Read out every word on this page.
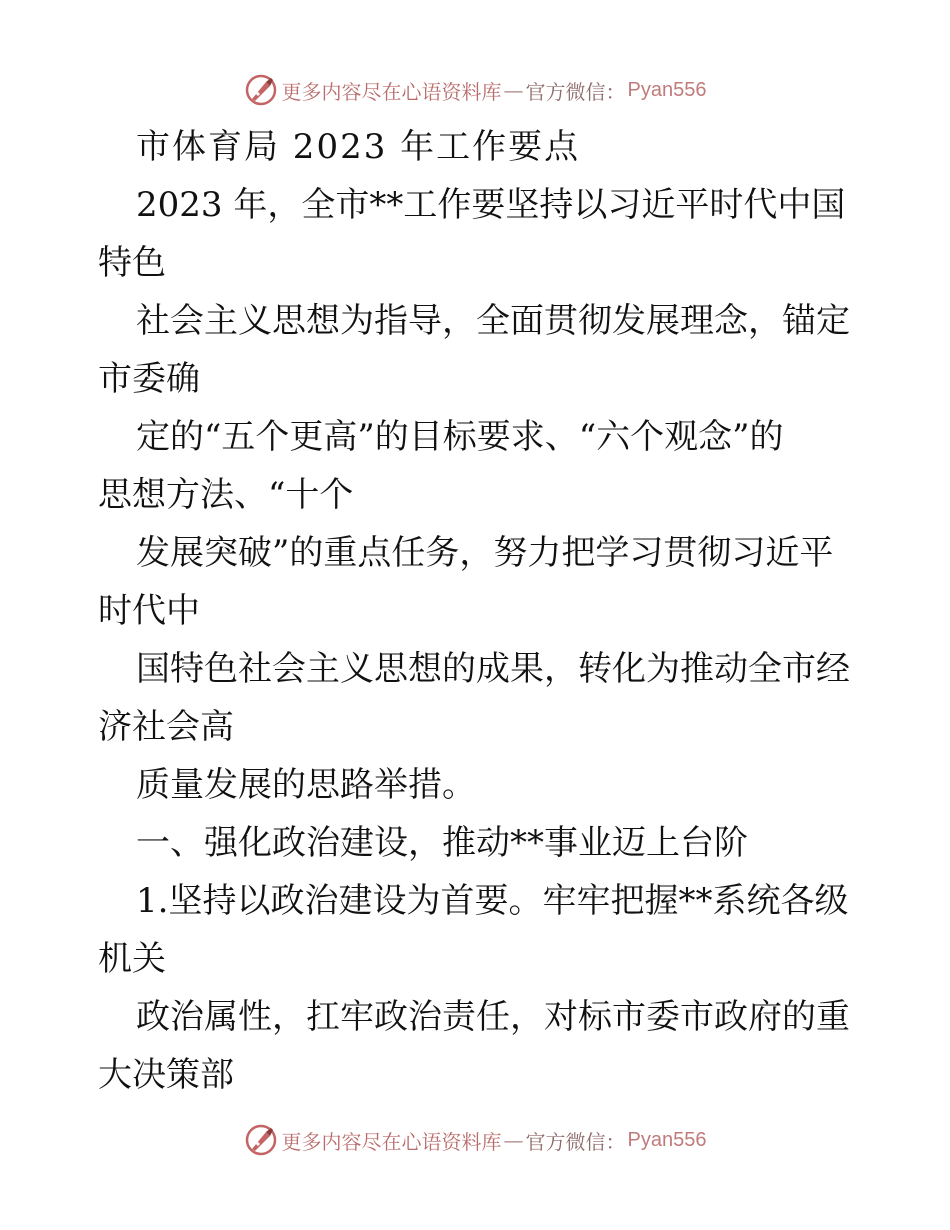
更多内容尽在心语资料库 — 官方微信： Pyan556
市体育局 2023 年工作要点
2023 年，全市**工作要坚持以习近平时代中国
特色
社会主义思想为指导，全面贯彻发展理念，锚定
市委确
定的“五个更高”的目标要求、“六个观念”的
思想方法、“十个
发展突破”的重点任务，努力把学习贯彻习近平
时代中
国特色社会主义思想的成果，转化为推动全市经
济社会高
质量发展的思路举措。
一、强化政治建设，推动**事业迈上台阶
1.坚持以政治建设为首要。牢牢把握**系统各级
机关
政治属性，扛牢政治责任，对标市委市政府的重
大决策部
更多内容尽在心语资料库 — 官方微信： Pyan556
